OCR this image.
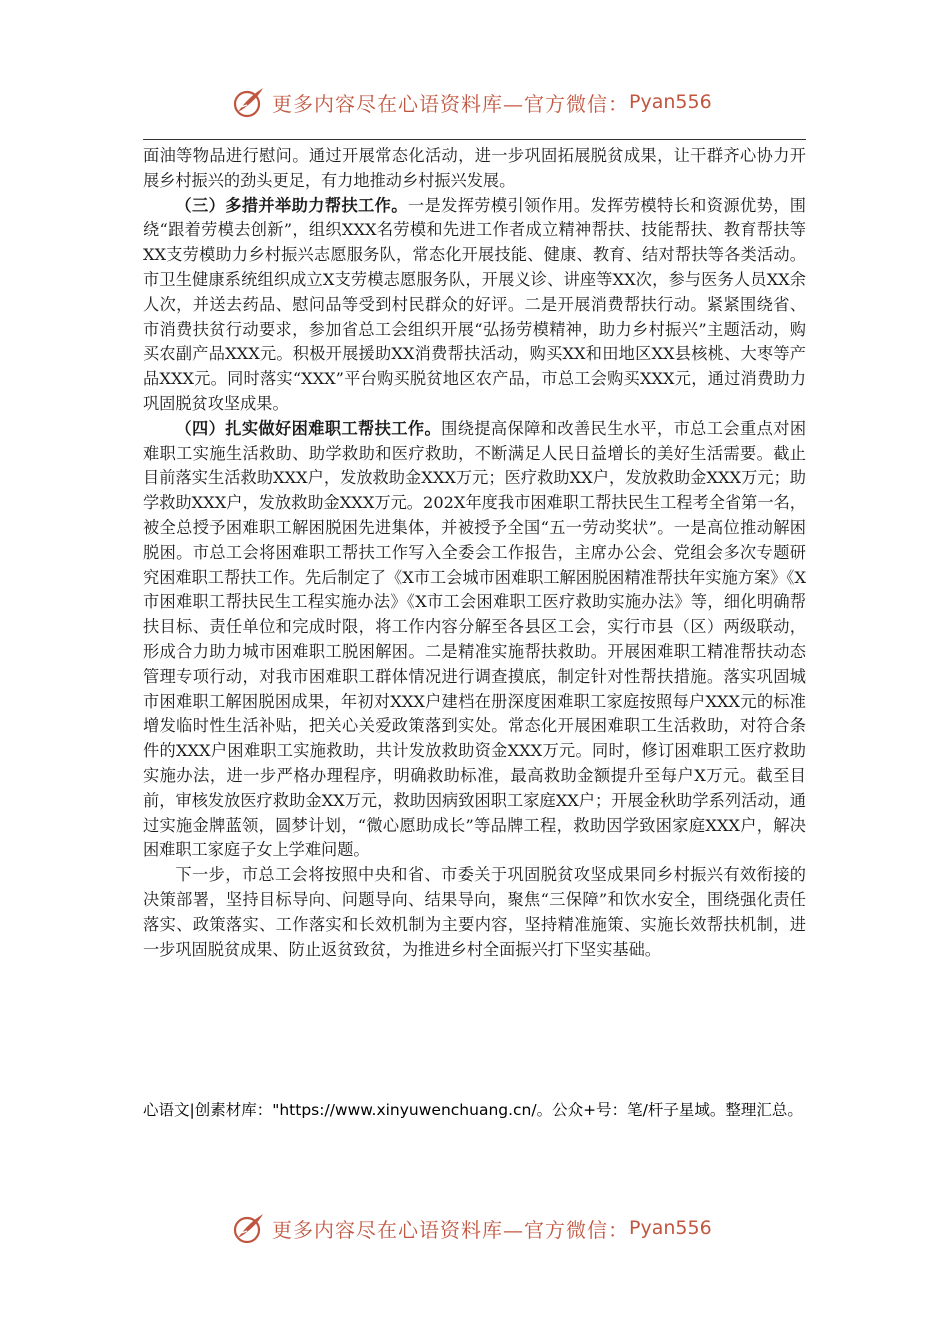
更多内容尽在心语资料库—官方微信： Pyan556

面油等物品进行慰问。通过开展常态化活动，进一步巩固拓展脱贫成果，让干群齐心协力开展乡村振兴的劲头更足，有力地推动乡村振兴发展。

（三）多措并举助力帮扶工作。一是发挥劳模引领作用。发挥劳模特长和资源优势，围绕“跟着劳模去创新”，组织XXX名劳模和先进工作者成立精神帮扶、技能帮扶、教育帮扶等XX支劳模助力乡村振兴志愿服务队，常态化开展技能、健康、教育、结对帮扶等各类活动。市卫生健康系统组织成立X支劳模志愿服务队，开展义诊、讲座等XX次，参与医务人员XX余人次，并送去药品、慰问品等受到村民群众的好评。二是开展消费帮扶行动。紧紧围绕省、市消费扶贫行动要求，参加省总工会组织开展“弘扬劳模精神，助力乡村振兴”主题活动，购买农副产品XXX元。积极开展援助XX消费帮扶活动，购买XX和田地区XX县核桃、大枣等产品XXX元。同时落实“XXX”平台购买脱贫地区农产品，市总工会购买XXX元，通过消费助力巩固脱贫攻坚成果。

（四）扎实做好困难职工帮扶工作。围绕提高保障和改善民生水平，市总工会重点对困难职工实施生活救助、助学救助和医疗救助，不断满足人民日益增长的美好生活需要。截止目前落实生活救助XXX户，发放救助金XXX万元；医疗救助XX户，发放救助金XXX万元；助学救助XXX户，发放救助金XXX万元。202X年度我市困难职工帮扶民生工程考全省第一名，被全总授予困难职工解困脱困先进集体，并被授予全国“五一劳动奖状”。一是高位推动解困脱困。市总工会将困难职工帮扶工作写入全委会工作报告，主席办公会、党组会多次专题研究困难职工帮扶工作。先后制定了《X市工会城市困难职工解困脱困精准帮扶年实施方案》《X市困难职工帮扶民生工程实施办法》《X市工会困难职工医疗救助实施办法》等，细化明确帮扶目标、责任单位和完成时限，将工作内容分解至各县区工会，实行市县（区）两级联动，形成合力助力城市困难职工脱困解困。二是精准实施帮扶救助。开展困难职工精准帮扶动态管理专项行动，对我市困难职工群体情况进行调查摸底，制定针对性帮扶措施。落实巩固城市困难职工解困脱困成果，年初对XXX户建档在册深度困难职工家庭按照每户XXX元的标准增发临时性生活补贴，把关心关爱政策落到实处。常态化开展困难职工生活救助，对符合条件的XXX户困难职工实施救助，共计发放救助资金XXX万元。同时，修订困难职工医疗救助实施办法，进一步严格办理程序，明确救助标准，最高救助金额提升至每户X万元。截至目前，审核发放医疗救助金XX万元，救助因病致困职工家庭XX户；开展金秋助学系列活动，通过实施金牌蓝领，圆梦计划，“微心愿助成长”等品牌工程，救助因学致困家庭XXX户，解决困难职工家庭子女上学难问题。

下一步，市总工会将按照中央和省、市委关于巩固脱贫攻坚成果同乡村振兴有效衔接的决策部署，坚持目标导向、问题导向、结果导向，聚焦“三保障”和饮水安全，围绕强化责任落实、政策落实、工作落实和长效机制为主要内容，坚持精准施策、实施长效帮扶机制，进一步巩固脱贫成果、防止返贫致贫，为推进乡村全面振兴打下坚实基础。

心语文|创素材库："https://www.xinyuwenchuang.cn/。公众+号：笔/杆子星域。整理汇总。
更多内容尽在心语资料库—官方微信： Pyan556
